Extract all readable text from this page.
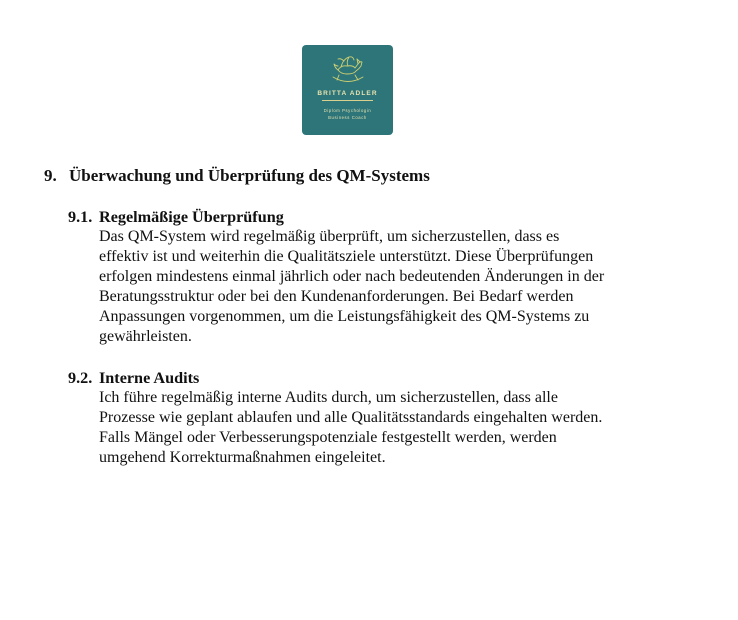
BRITTA ADLER
Diplom Psychologin
Business Coach
9. Überwachung und Überprüfung des QM-Systems
9.1. Regelmäßige Überprüfung
Das QM-System wird regelmäßig überprüft, um sicherzustellen, dass es
effektiv ist und weiterhin die Qualitätsziele unterstützt. Diese Überprüfungen
erfolgen mindestens einmal jährlich oder nach bedeutenden Änderungen in der
Beratungsstruktur oder bei den Kundenanforderungen. Bei Bedarf werden
Anpassungen vorgenommen, um die Leistungsfähigkeit des QM-Systems zu
gewährleisten.
9.2. Interne Audits
Ich führe regelmäßig interne Audits durch, um sicherzustellen, dass alle
Prozesse wie geplant ablaufen und alle Qualitätsstandards eingehalten werden.
Falls Mängel oder Verbesserungspotenziale festgestellt werden, werden
umgehend Korrekturmaßnahmen eingeleitet.
